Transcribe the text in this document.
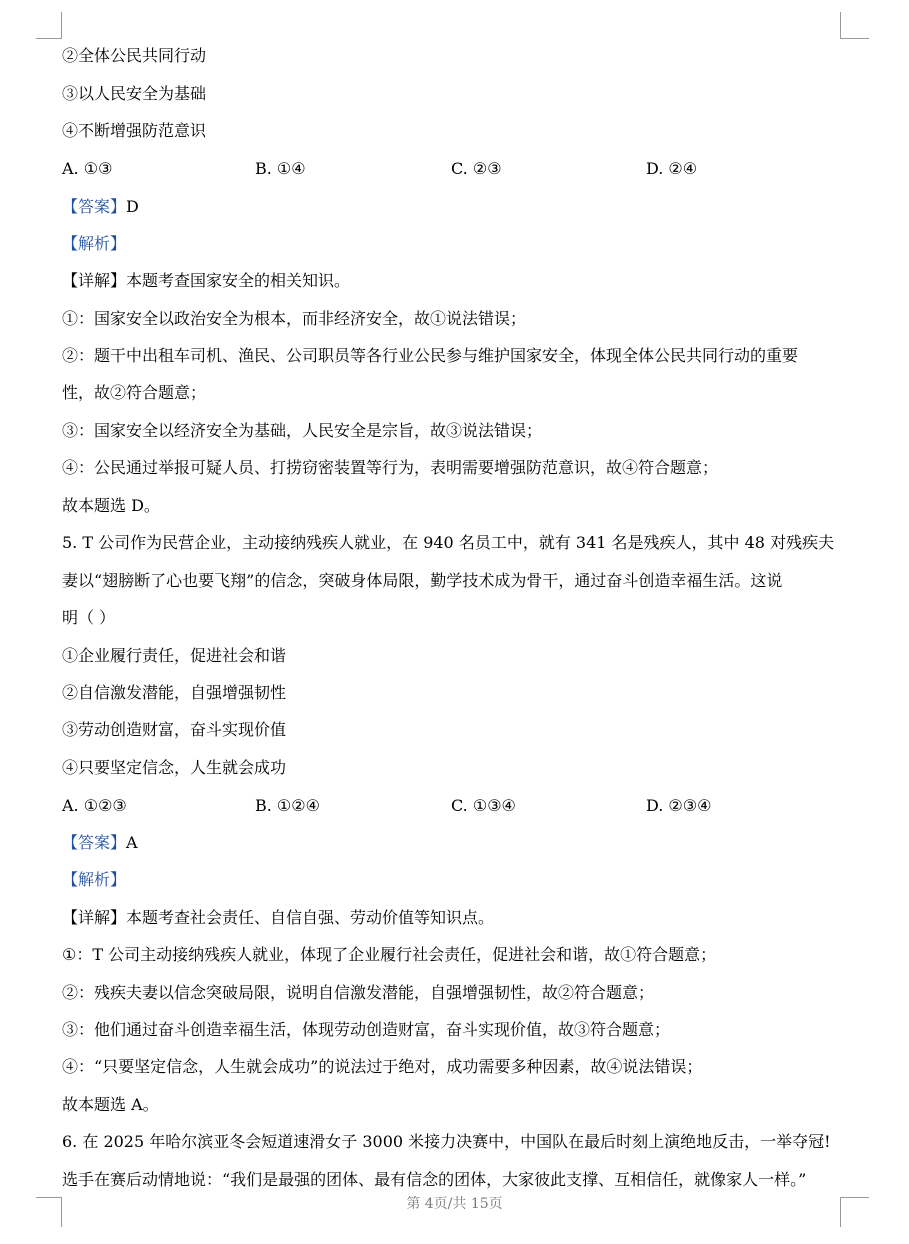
②全体公民共同行动
③以人民安全为基础
④不断增强防范意识
A. ①③	B. ①④	C. ②③	D. ②④
【答案】D
【解析】
【详解】本题考查国家安全的相关知识。
①：国家安全以政治安全为根本，而非经济安全，故①说法错误；
②：题干中出租车司机、渔民、公司职员等各行业公民参与维护国家安全，体现全体公民共同行动的重要
性，故②符合题意；
③：国家安全以经济安全为基础，人民安全是宗旨，故③说法错误；
④：公民通过举报可疑人员、打捞窃密装置等行为，表明需要增强防范意识，故④符合题意；
故本题选 D。
5. T 公司作为民营企业，主动接纳残疾人就业，在 940 名员工中，就有 341 名是残疾人，其中 48 对残疾夫
妻以“翅膀断了心也要飞翔”的信念，突破身体局限，勤学技术成为骨干，通过奋斗创造幸福生活。这说
明（ ）
①企业履行责任，促进社会和谐
②自信激发潜能，自强增强韧性
③劳动创造财富，奋斗实现价值
④只要坚定信念，人生就会成功
A. ①②③	B. ①②④	C. ①③④	D. ②③④
【答案】A
【解析】
【详解】本题考查社会责任、自信自强、劳动价值等知识点。
①：T 公司主动接纳残疾人就业，体现了企业履行社会责任，促进社会和谐，故①符合题意；
②：残疾夫妻以信念突破局限，说明自信激发潜能，自强增强韧性，故②符合题意；
③：他们通过奋斗创造幸福生活，体现劳动创造财富，奋斗实现价值，故③符合题意；
④：“只要坚定信念，人生就会成功”的说法过于绝对，成功需要多种因素，故④说法错误；
故本题选 A。
6. 在 2025 年哈尔滨亚冬会短道速滑女子 3000 米接力决赛中，中国队在最后时刻上演绝地反击，一举夺冠!
选手在赛后动情地说：“我们是最强的团体、最有信念的团体，大家彼此支撑、互相信任，就像家人一样。”
第 4页/共 15页
